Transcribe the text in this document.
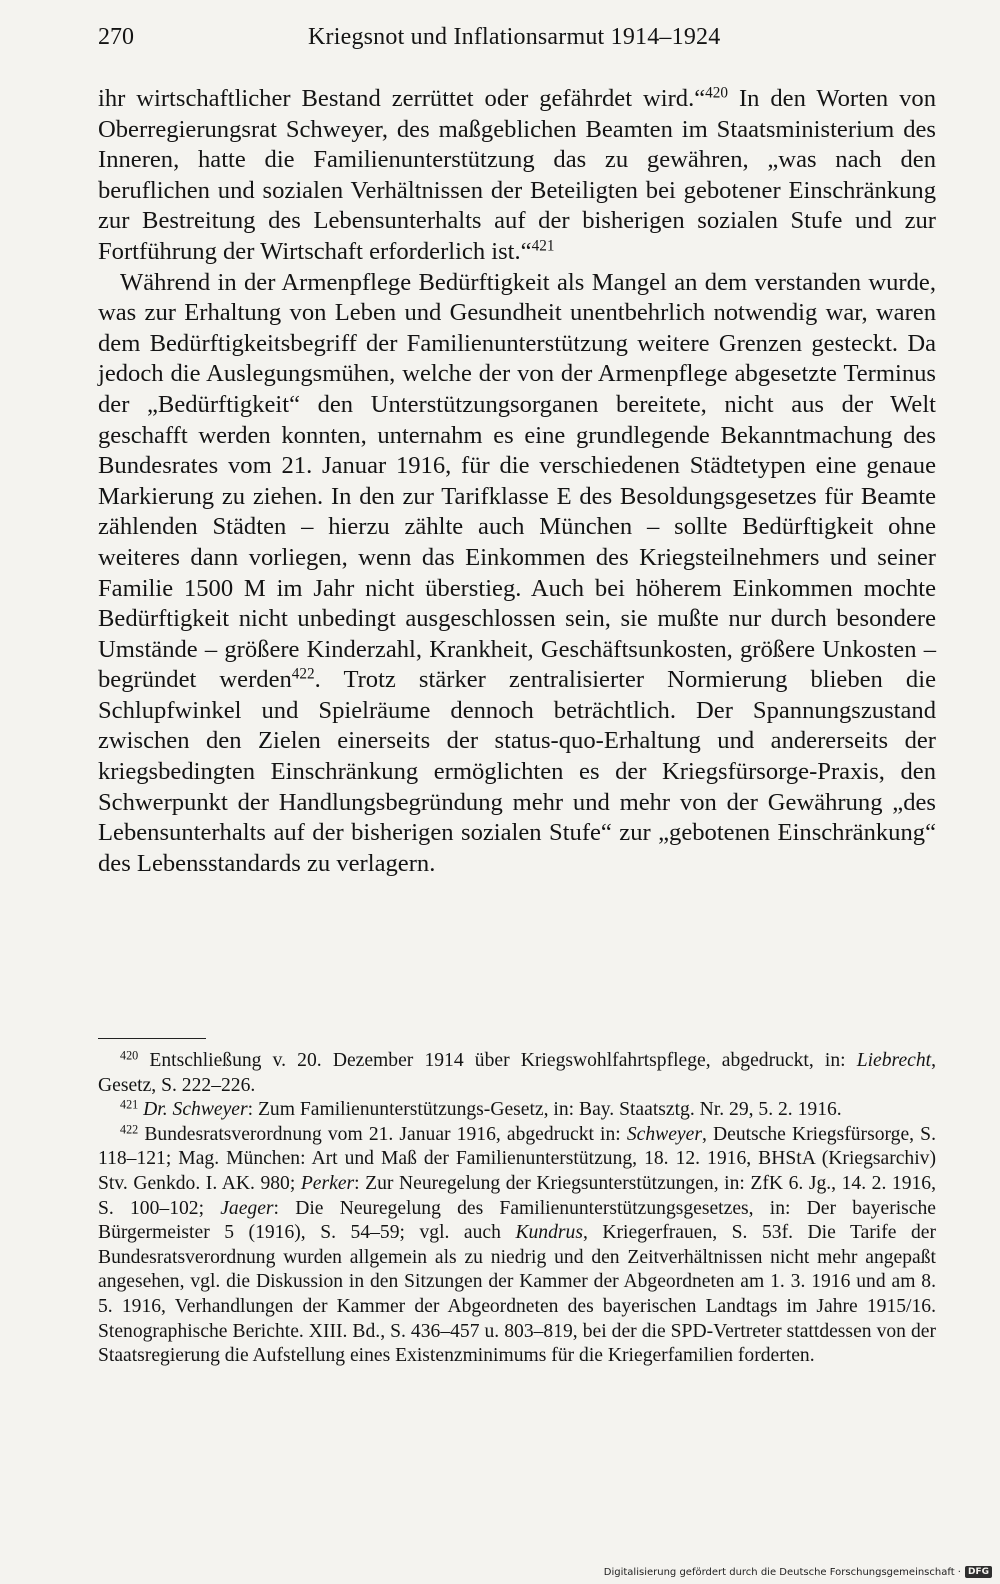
270	Kriegsnot und Inflationsarmut 1914–1924

ihr wirtschaftlicher Bestand zerrüttet oder gefährdet wird.“$^{420}$ In den Worten von Oberregierungsrat Schweyer, des maßgeblichen Beamten im Staatsministerium des Inneren, hatte die Familienunterstützung das zu gewähren, „was nach den beruflichen und sozialen Verhältnissen der Beteiligten bei gebotener Einschränkung zur Bestreitung des Lebensunterhalts auf der bisherigen sozialen Stufe und zur Fortführung der Wirtschaft erforderlich ist.“$^{421}$

Während in der Armenpflege Bedürftigkeit als Mangel an dem verstanden wurde, was zur Erhaltung von Leben und Gesundheit unentbehrlich notwendig war, waren dem Bedürftigkeitsbegriff der Familienunterstützung weitere Grenzen gesteckt. Da jedoch die Auslegungsmühen, welche der von der Armenpflege abgesetzte Terminus der „Bedürftigkeit“ den Unterstützungsorganen bereitete, nicht aus der Welt geschafft werden konnten, unternahm es eine grundlegende Bekanntmachung des Bundesrates vom 21. Januar 1916, für die verschiedenen Städtetypen eine genaue Markierung zu ziehen. In den zur Tarifklasse E des Besoldungsgesetzes für Beamte zählenden Städten – hierzu zählte auch München – sollte Bedürftigkeit ohne weiteres dann vorliegen, wenn das Einkommen des Kriegsteilnehmers und seiner Familie 1500 M im Jahr nicht überstieg. Auch bei höherem Einkommen mochte Bedürftigkeit nicht unbedingt ausgeschlossen sein, sie mußte nur durch besondere Umstände – größere Kinderzahl, Krankheit, Geschäftsunkosten, größere Unkosten – begründet werden$^{422}$. Trotz stärker zentralisierter Normierung blieben die Schlupfwinkel und Spielräume dennoch beträchtlich. Der Spannungszustand zwischen den Zielen einerseits der status-quo-Erhaltung und andererseits der kriegsbedingten Einschränkung ermöglichten es der Kriegsfürsorge-Praxis, den Schwerpunkt der Handlungsbegründung mehr und mehr von der Gewährung „des Lebensunterhalts auf der bisherigen sozialen Stufe“ zur „gebotenen Einschränkung“ des Lebensstandards zu verlagern.

$^{420}$ Entschließung v. 20. Dezember 1914 über Kriegswohlfahrtspflege, abgedruckt, in: Liebrecht, Gesetz, S. 222–226.

$^{421}$ Dr. Schweyer: Zum Familienunterstützungs-Gesetz, in: Bay. Staatsztg. Nr. 29, 5. 2. 1916.

$^{422}$ Bundesratsverordnung vom 21. Januar 1916, abgedruckt in: Schweyer, Deutsche Kriegsfürsorge, S. 118–121; Mag. München: Art und Maß der Familienunterstützung, 18. 12. 1916, BHStA (Kriegsarchiv) Stv. Genkdo. I. AK. 980; Perker: Zur Neuregelung der Kriegsunterstützungen, in: ZfK 6. Jg., 14. 2. 1916, S. 100–102; Jaeger: Die Neuregelung des Familienunterstützungsgesetzes, in: Der bayerische Bürgermeister 5 (1916), S. 54–59; vgl. auch Kundrus, Kriegerfrauen, S. 53f. Die Tarife der Bundesratsverordnung wurden allgemein als zu niedrig und den Zeitverhältnissen nicht mehr angepaßt angesehen, vgl. die Diskussion in den Sitzungen der Kammer der Abgeordneten am 1. 3. 1916 und am 8. 5. 1916, Verhandlungen der Kammer der Abgeordneten des bayerischen Landtags im Jahre 1915/16. Stenographische Berichte. XIII. Bd., S. 436–457 u. 803–819, bei der die SPD-Vertreter stattdessen von der Staatsregierung die Aufstellung eines Existenzminimums für die Kriegerfamilien forderten.

Digitalisierung gefördert durch die Deutsche Forschungsgemeinschaft · DFG
